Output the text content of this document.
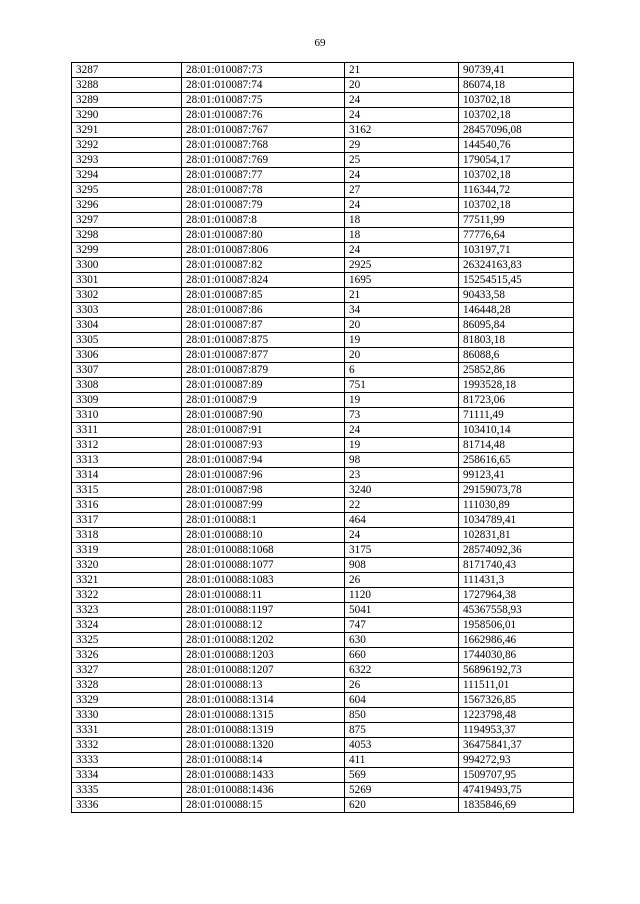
69
3287	28:01:010087:73	21	90739,41
3288	28:01:010087:74	20	86074,18
3289	28:01:010087:75	24	103702,18
3290	28:01:010087:76	24	103702,18
3291	28:01:010087:767	3162	28457096,08
3292	28:01:010087:768	29	144540,76
3293	28:01:010087:769	25	179054,17
3294	28:01:010087:77	24	103702,18
3295	28:01:010087:78	27	116344,72
3296	28:01:010087:79	24	103702,18
3297	28:01:010087:8	18	77511,99
3298	28:01:010087:80	18	77776,64
3299	28:01:010087:806	24	103197,71
3300	28:01:010087:82	2925	26324163,83
3301	28:01:010087:824	1695	15254515,45
3302	28:01:010087:85	21	90433,58
3303	28:01:010087:86	34	146448,28
3304	28:01:010087:87	20	86095,84
3305	28:01:010087:875	19	81803,18
3306	28:01:010087:877	20	86088,6
3307	28:01:010087:879	6	25852,86
3308	28:01:010087:89	751	1993528,18
3309	28:01:010087:9	19	81723,06
3310	28:01:010087:90	73	71111,49
3311	28:01:010087:91	24	103410,14
3312	28:01:010087:93	19	81714,48
3313	28:01:010087:94	98	258616,65
3314	28:01:010087:96	23	99123,41
3315	28:01:010087:98	3240	29159073,78
3316	28:01:010087:99	22	111030,89
3317	28:01:010088:1	464	1034789,41
3318	28:01:010088:10	24	102831,81
3319	28:01:010088:1068	3175	28574092,36
3320	28:01:010088:1077	908	8171740,43
3321	28:01:010088:1083	26	111431,3
3322	28:01:010088:11	1120	1727964,38
3323	28:01:010088:1197	5041	45367558,93
3324	28:01:010088:12	747	1958506,01
3325	28:01:010088:1202	630	1662986,46
3326	28:01:010088:1203	660	1744030,86
3327	28:01:010088:1207	6322	56896192,73
3328	28:01:010088:13	26	111511,01
3329	28:01:010088:1314	604	1567326,85
3330	28:01:010088:1315	850	1223798,48
3331	28:01:010088:1319	875	1194953,37
3332	28:01:010088:1320	4053	36475841,37
3333	28:01:010088:14	411	994272,93
3334	28:01:010088:1433	569	1509707,95
3335	28:01:010088:1436	5269	47419493,75
3336	28:01:010088:15	620	1835846,69
